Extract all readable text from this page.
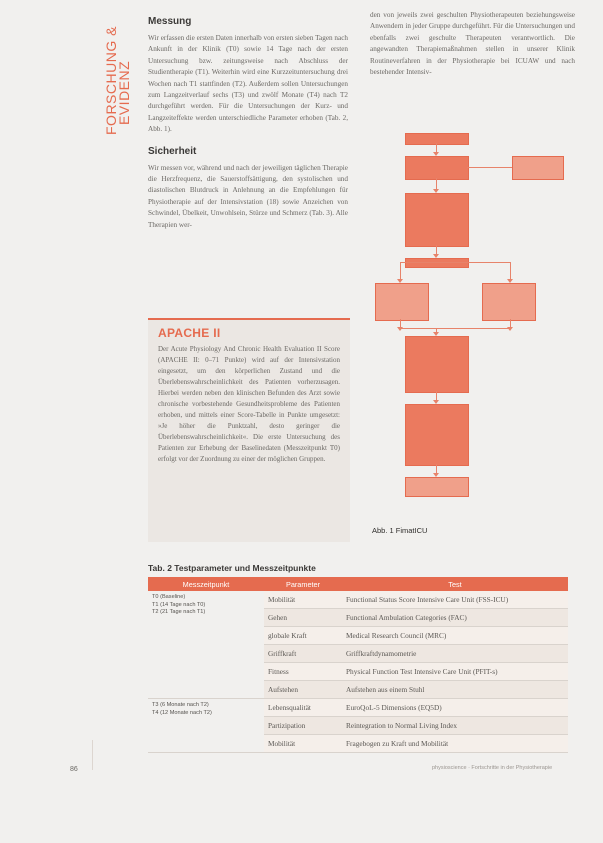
FORSCHUNG &
EVIDENZ
Messung

Wir erfassen die ersten Daten innerhalb von ersten sieben Tagen nach Ankunft in der Klinik (T0) sowie 14 Tage nach der ersten Untersuchung bzw. zeitungsweise nach Abschluss der Studientherapie (T1). Weiterhin wird eine Kurzzeituntersuchung drei Wochen nach T1 stattfinden (T2). Außerdem sollen Untersuchungen zum Langzeitverlauf sechs (T3) und zwölf Monate (T4) nach T2 durchgeführt werden. Für die Untersuchungen der Kurz- und Langzeiteffekte werden unterschiedliche Parameter erhoben (Tab. 2, Abb. 1).

Sicherheit

Wir messen vor, während und nach der jeweiligen täglichen Therapie die Herzfrequenz, die Sauerstoffsättigung, den systolischen und diastolischen Blutdruck in Anlehnung an die Empfehlungen für Physiotherapie auf der Intensivstation (18) sowie Anzeichen von Schwindel, Übelkeit, Unwohlsein, Stürze und Schmerz (Tab. 3). Alle Therapien wer-

den von jeweils zwei geschulten Physiotherapeuten beziehungsweise Anwendern in jeder Gruppe durchgeführt. Für die Untersuchungen und ebenfalls zwei geschulte Therapeuten verantwortlich. Die angewandten Therapiemaßnahmen stellen in unserer Klinik Routineverfahren in der Physiotherapie bei ICUAW und nach bestehender Intensiv-

APACHE II

Der Acute Physiology And Chronic Health Evaluation II Score (APACHE II: 0–71 Punkte) wird auf der Intensivstation eingesetzt, um den körperlichen Zustand und die Überlebenswahrscheinlichkeit des Patienten vorherzusagen. Hierbei werden neben den klinischen Befunden des Arzt sowie chronische vorbestehende Gesundheitsprobleme des Patienten erhoben, und mittels einer Score-Tabelle in Punkte umgesetzt: »Je höher die Punktzahl, desto geringer die Überlebenswahrscheinlichkeit«. Die erste Untersuchung des Patienten zur Erhebung der Baselinedaten (Messzeitpunkt T0) erfolgt vor der Zuordnung zu einer der möglichen Gruppen.

Abb. 1 FimatICU
Tab. 2 Testparameter und Messzeitpunkte
Messzeitpunkt	Parameter	Test

T0 (Baseline)
T1 (14 Tage nach T0)
T2 (21 Tage nach T1)	Mobilität	Functional Status Score Intensive Care Unit (FSS-ICU)
	Gehen	Functional Ambulation Categories (FAC)
	globale Kraft	Medical Research Council (MRC)
	Griffkraft	Griffkraftdynamometrie
	Fitness	Physical Function Test Intensive Care Unit (PFIT-s)
	Aufstehen	Aufstehen aus einem Stuhl

T3 (6 Monate nach T2)
T4 (12 Monate nach T2)	Lebensqualität	EuroQoL-5 Dimensions (EQ5D)
	Partizipation	Reintegration to Normal Living Index
	Mobilität	Fragebogen zu Kraft und Mobilität
86	physioscience · Fortschritte in der Physiotherapie
